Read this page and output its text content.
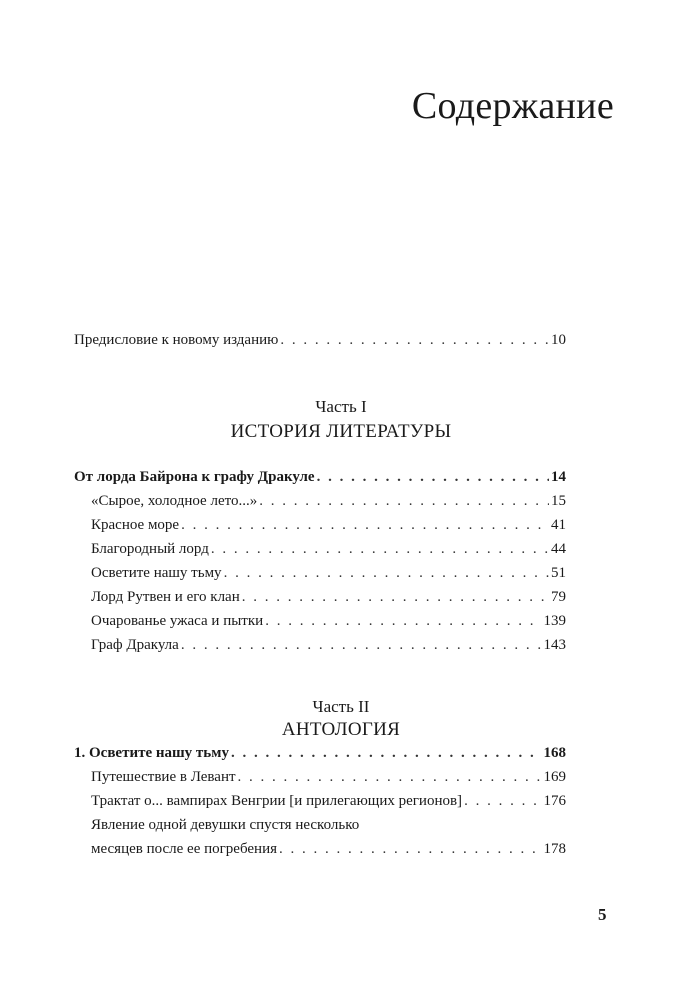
Содержание
Предисловие к новому изданию . . .	10
Часть I
ИСТОРИЯ ЛИТЕРАТУРЫ
От лорда Байрона к графу Дракуле . . .	14
«Сырое, холодное лето...» . . .	15
Красное море . . .	41
Благородный лорд . . .	44
Осветите нашу тьму . . .	51
Лорд Рутвен и его клан . . .	79
Очарованье ужаса и пытки . . .	139
Граф Дракула . . .	143
Часть II
АНТОЛОГИЯ
1. Осветите нашу тьму . . .	168
Путешествие в Левант . . .	169
Трактат о... вампирах Венгрии [и прилегающих регионов] . . .	176
Явление одной девушки спустя несколько
месяцев после ее погребения . . .	178
5
